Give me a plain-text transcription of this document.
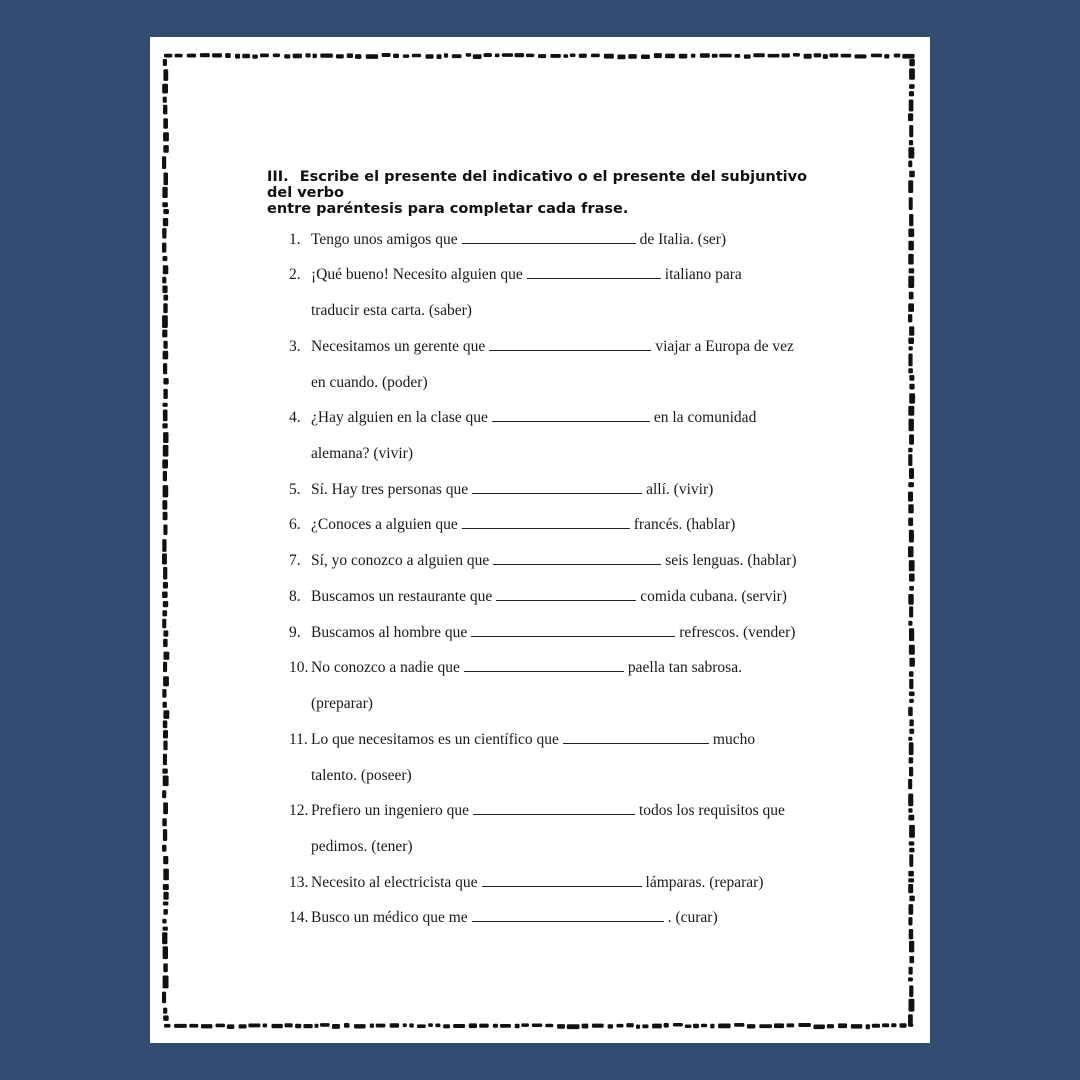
III. Escribe el presente del indicativo o el presente del subjuntivo del verbo
entre paréntesis para completar cada frase.
1. Tengo unos amigos que	de Italia. (ser)
2. ¡Qué bueno! Necesito alguien que	italiano para
traducir esta carta. (saber)
3. Necesitamos un gerente que	viajar a Europa de vez
en cuando. (poder)
4. ¿Hay alguien en la clase que	en la comunidad
alemana? (vivir)
5. Sí. Hay tres personas que	allí. (vivir)
6. ¿Conoces a alguien que	francés. (hablar)
7. Sí, yo conozco a alguien que	seis lenguas. (hablar)
8. Buscamos un restaurante que	comida cubana. (servir)
9. Buscamos al hombre que	refrescos. (vender)
10. No conozco a nadie que	paella tan sabrosa.
(preparar)
11. Lo que necesitamos es un científico que	mucho
talento. (poseer)
12. Prefiero un ingeniero que	todos los requisitos que
pedimos. (tener)
13. Necesito al electricista que	lámparas. (reparar)
14. Busco un médico que me	. (curar)
